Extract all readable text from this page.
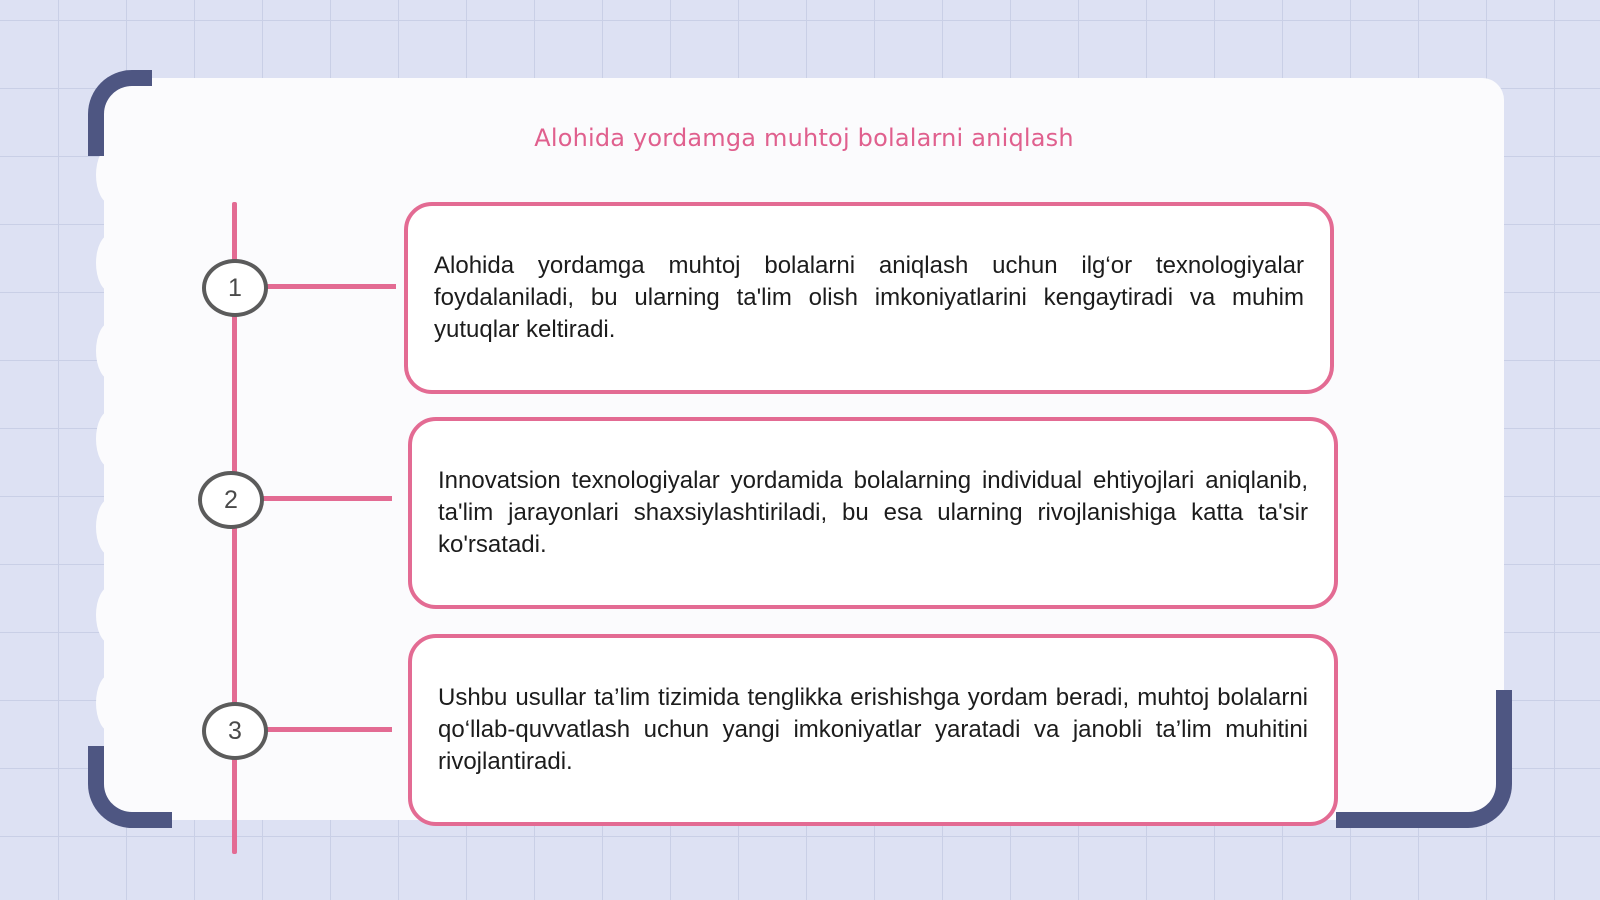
Alohida yordamga muhtoj bolalarni aniqlash
1

Alohida yordamga muhtoj bolalarni aniqlash uchun ilg‘or texnologiyalar foydalaniladi, bu ularning ta'lim olish imkoniyatlarini kengaytiradi va muhim yutuqlar keltiradi.

2

Innovatsion texnologiyalar yordamida bolalarning individual ehtiyojlari aniqlanib, ta'lim jarayonlari shaxsiylashtiriladi, bu esa ularning rivojlanishiga katta ta'sir ko'rsatadi.

3

Ushbu usullar ta’lim tizimida tenglikka erishishga yordam beradi, muhtoj bolalarni qo‘llab-quvvatlash uchun yangi imkoniyatlar yaratadi va janobli ta’lim muhitini rivojlantiradi.
